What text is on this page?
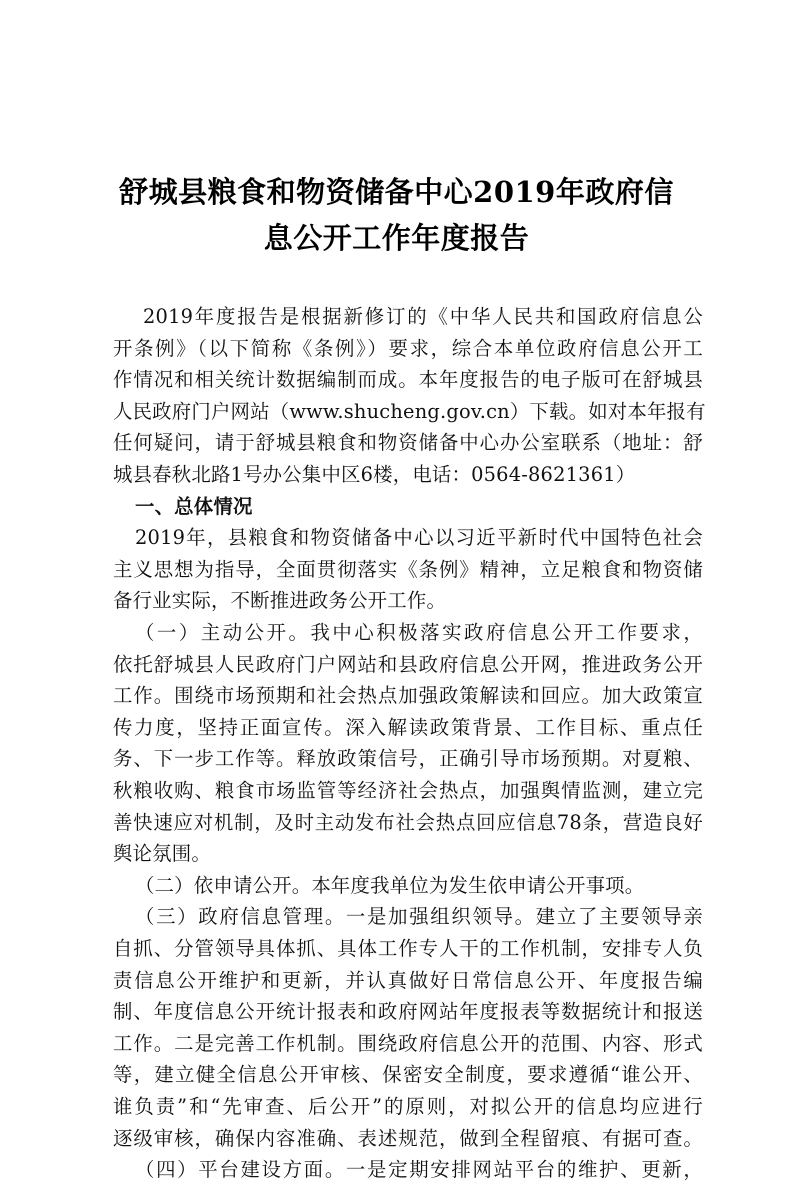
舒城县粮食和物资储备中心2019年政府信
息公开工作年度报告
2019年度报告是根据新修订的《中华人民共和国政府信息公
开条例》（以下简称《条例》）要求，综合本单位政府信息公开工
作情况和相关统计数据编制而成。本年度报告的电子版可在舒城县
人民政府门户网站（www.shucheng.gov.cn）下载。如对本年报有
任何疑问，请于舒城县粮食和物资储备中心办公室联系（地址：舒
城县春秋北路1号办公集中区6楼，电话：0564-8621361）
一、总体情况
2019年，县粮食和物资储备中心以习近平新时代中国特色社会
主义思想为指导，全面贯彻落实《条例》精神，立足粮食和物资储
备行业实际，不断推进政务公开工作。
（一）主动公开。我中心积极落实政府信息公开工作要求，
依托舒城县人民政府门户网站和县政府信息公开网，推进政务公开
工作。围绕市场预期和社会热点加强政策解读和回应。加大政策宣
传力度，坚持正面宣传。深入解读政策背景、工作目标、重点任
务、下一步工作等。释放政策信号，正确引导市场预期。对夏粮、
秋粮收购、粮食市场监管等经济社会热点，加强舆情监测，建立完
善快速应对机制，及时主动发布社会热点回应信息78条，营造良好
舆论氛围。
（二）依申请公开。本年度我单位为发生依申请公开事项。
（三）政府信息管理。一是加强组织领导。建立了主要领导亲
自抓、分管领导具体抓、具体工作专人干的工作机制，安排专人负
责信息公开维护和更新，并认真做好日常信息公开、年度报告编
制、年度信息公开统计报表和政府网站年度报表等数据统计和报送
工作。二是完善工作机制。围绕政府信息公开的范围、内容、形式
等，建立健全信息公开审核、保密安全制度，要求遵循“谁公开、
谁负责”和“先审查、后公开”的原则，对拟公开的信息均应进行
逐级审核，确保内容准确、表述规范，做到全程留痕、有据可查。
（四）平台建设方面。一是定期安排网站平台的维护、更新，
